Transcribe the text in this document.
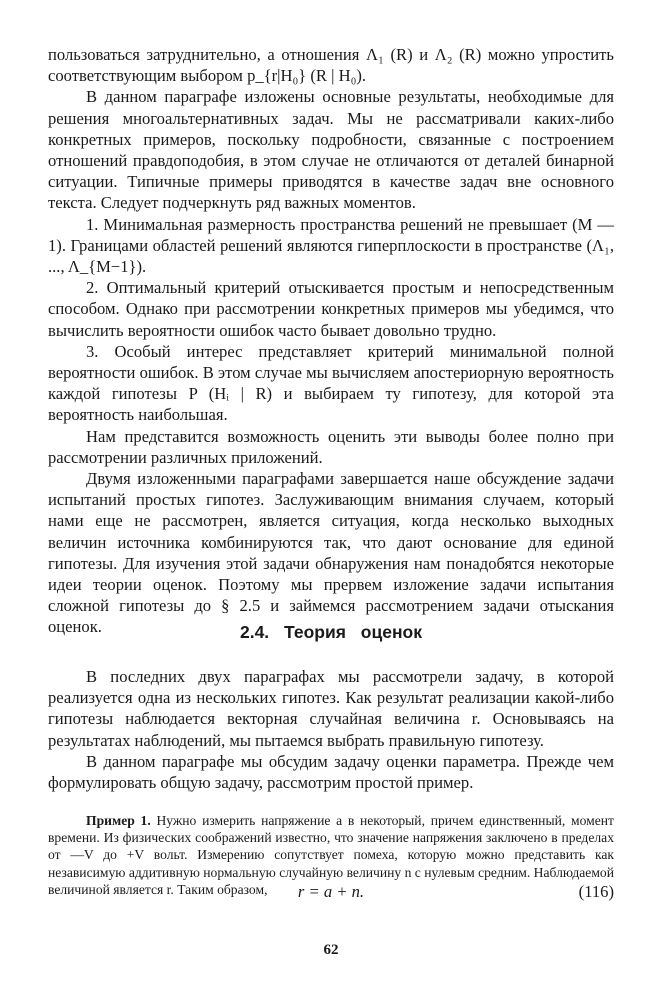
пользоваться затруднительно, а отношения Λ₁ (R) и Λ₂ (R) можно упростить соответствующим выбором p_{r|H₀} (R | H₀).

В данном параграфе изложены основные результаты, необходимые для решения многоальтернативных задач. Мы не рассматривали каких-либо конкретных примеров, поскольку подробности, связанные с построением отношений правдоподобия, в этом случае не отличаются от деталей бинарной ситуации. Типичные примеры приводятся в качестве задач вне основного текста. Следует подчеркнуть ряд важных моментов.

1. Минимальная размерность пространства решений не превышает (M — 1). Границами областей решений являются гиперплоскости в пространстве (Λ₁, ..., Λ_{M−1}).

2. Оптимальный критерий отыскивается простым и непосредственным способом. Однако при рассмотрении конкретных примеров мы убедимся, что вычислить вероятности ошибок часто бывает довольно трудно.

3. Особый интерес представляет критерий минимальной полной вероятности ошибок. В этом случае мы вычисляем апостериорную вероятность каждой гипотезы P (Hᵢ | R) и выбираем ту гипотезу, для которой эта вероятность наибольшая.

Нам представится возможность оценить эти выводы более полно при рассмотрении различных приложений.

Двумя изложенными параграфами завершается наше обсуждение задачи испытаний простых гипотез. Заслуживающим внимания случаем, который нами еще не рассмотрен, является ситуация, когда несколько выходных величин источника комбинируются так, что дают основание для единой гипотезы. Для изучения этой задачи обнаружения нам понадобятся некоторые идеи теории оценок. Поэтому мы прервем изложение задачи испытания сложной гипотезы до § 2.5 и займемся рассмотрением задачи отыскания оценок.	2.4. Теория оценок

В последних двух параграфах мы рассмотрели задачу, в которой реализуется одна из нескольких гипотез. Как результат реализации какой-либо гипотезы наблюдается векторная случайная величина r. Основываясь на результатах наблюдений, мы пытаемся выбрать правильную гипотезу.

В данном параграфе мы обсудим задачу оценки параметра. Прежде чем формулировать общую задачу, рассмотрим простой пример.

Пример 1. Нужно измерить напряжение a в некоторый, причем единственный, момент времени. Из физических соображений известно, что значение напряжения заключено в пределах от —V до +V вольт. Измерению сопутствует помеха, которую можно представить как независимую аддитивную нормальную случайную величину n с нулевым средним. Наблюдаемой величиной является r. Таким образом,	r = a + n.	(116)
62
